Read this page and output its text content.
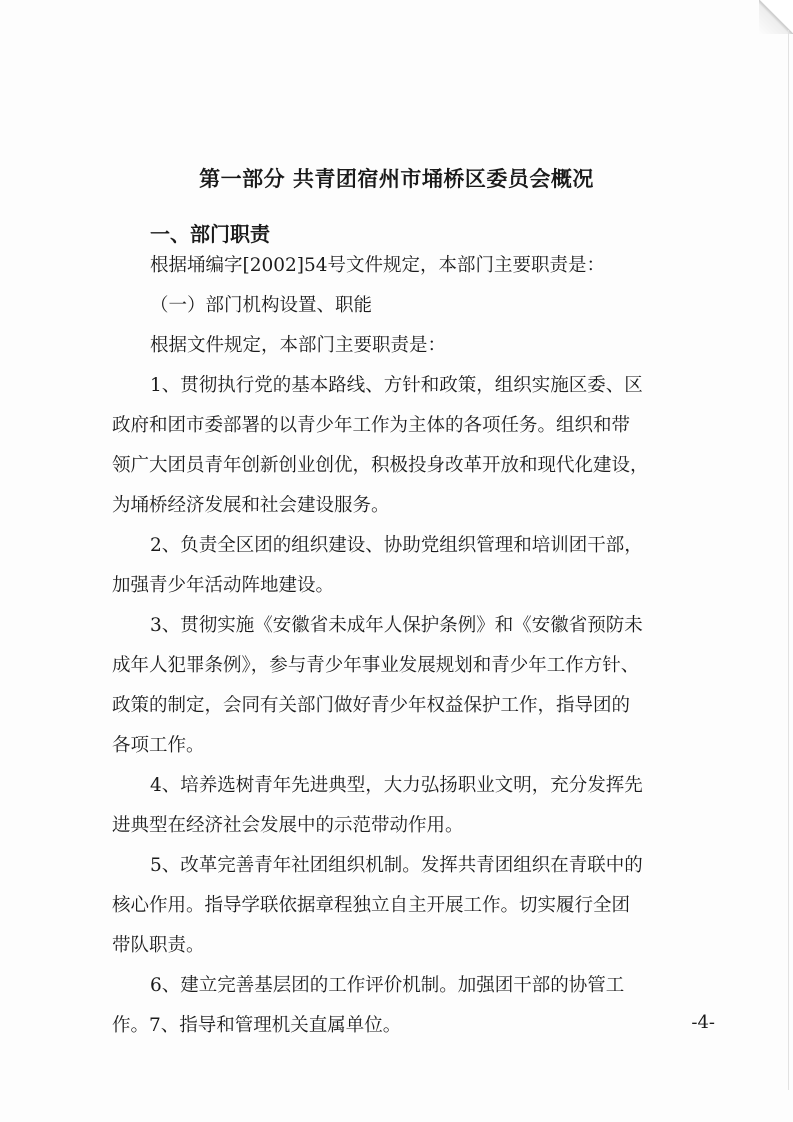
第一部分 共青团宿州市埇桥区委员会概况
一、部门职责

根据埇编字[2002]54号文件规定，本部门主要职责是：

（一）部门机构设置、职能

根据文件规定，本部门主要职责是：

1、贯彻执行党的基本路线、方针和政策，组织实施区委、区

政府和团市委部署的以青少年工作为主体的各项任务。组织和带

领广大团员青年创新创业创优，积极投身改革开放和现代化建设，

为埇桥经济发展和社会建设服务。

2、负责全区团的组织建设、协助党组织管理和培训团干部，

加强青少年活动阵地建设。

3、贯彻实施《安徽省未成年人保护条例》和《安徽省预防未

成年人犯罪条例》，参与青少年事业发展规划和青少年工作方针、

政策的制定，会同有关部门做好青少年权益保护工作，指导团的

各项工作。

4、培养选树青年先进典型，大力弘扬职业文明，充分发挥先

进典型在经济社会发展中的示范带动作用。

5、改革完善青年社团组织机制。发挥共青团组织在青联中的

核心作用。指导学联依据章程独立自主开展工作。切实履行全团

带队职责。

6、建立完善基层团的工作评价机制。加强团干部的协管工

作。7、指导和管理机关直属单位。	-4-
